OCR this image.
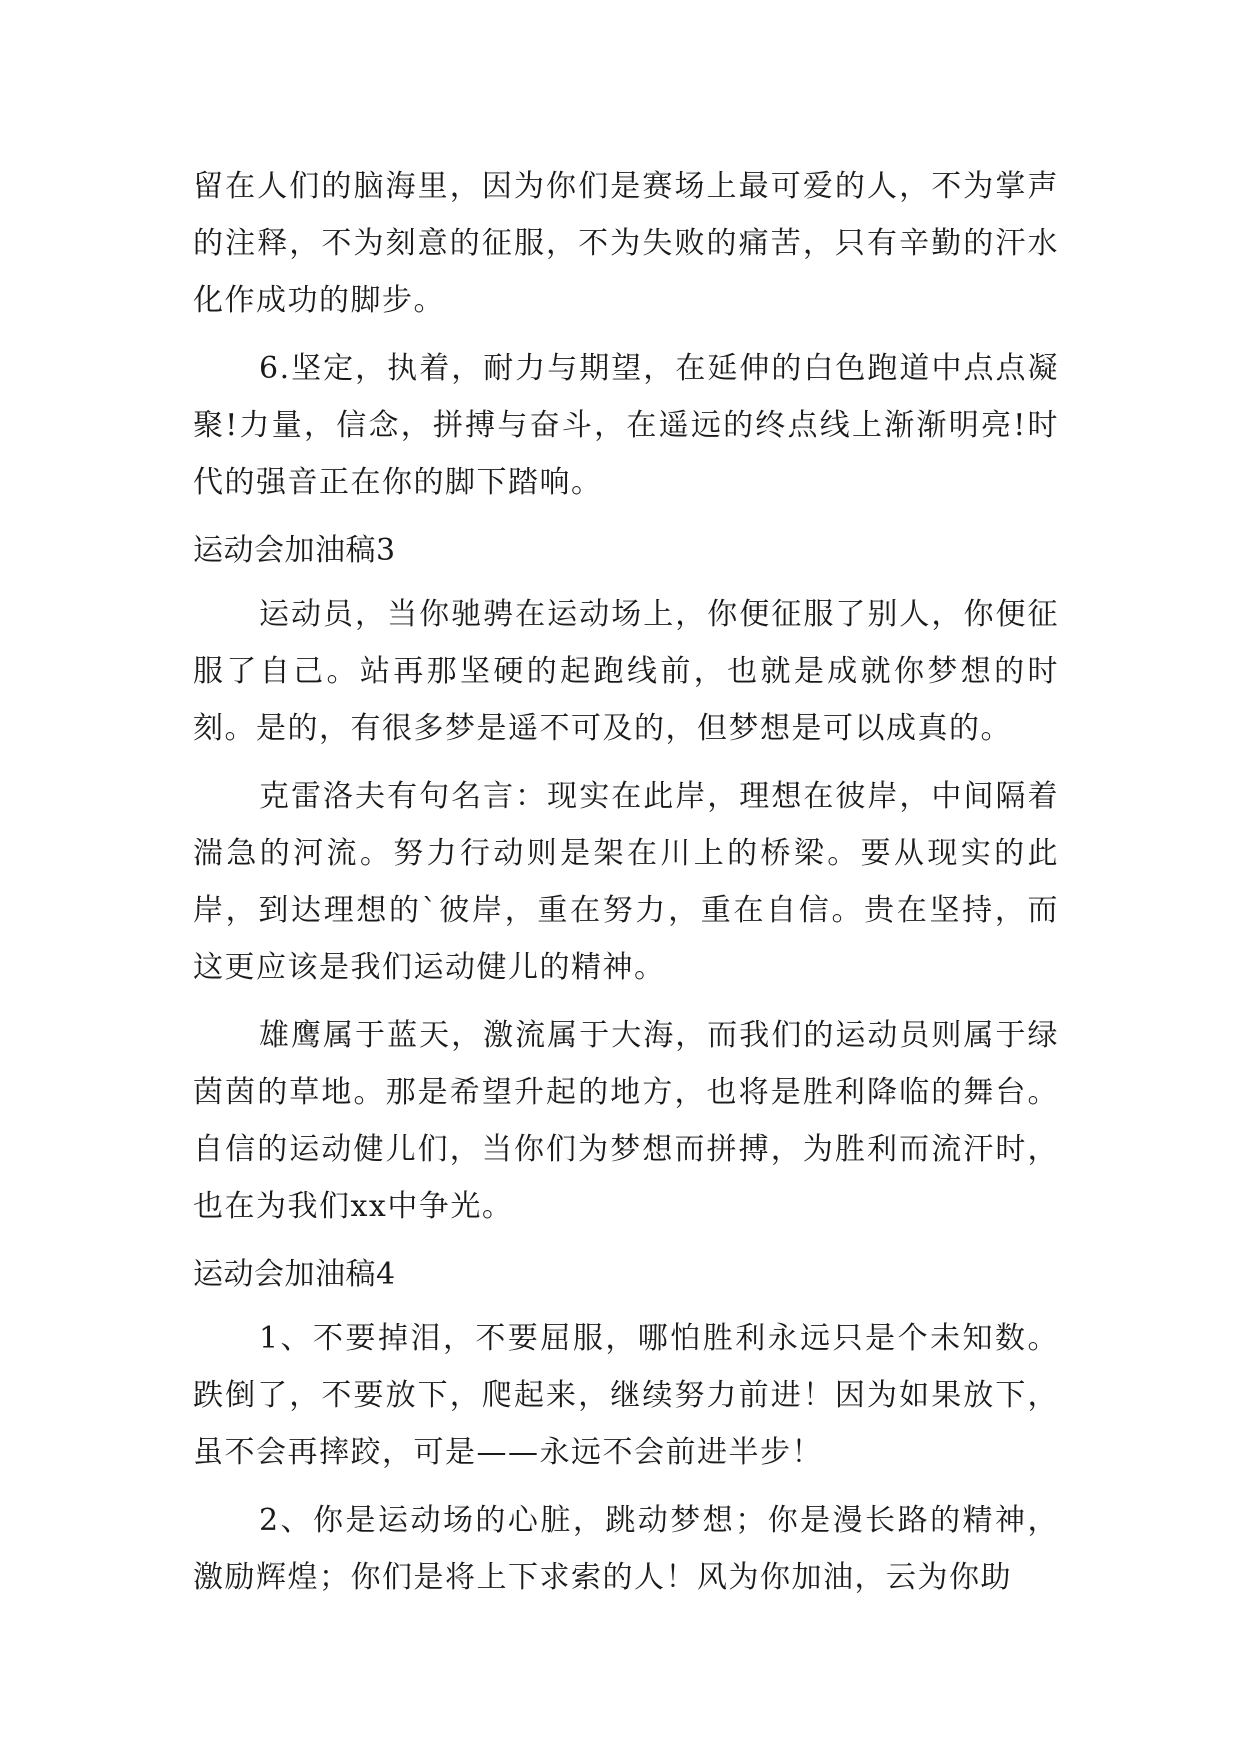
留在人们的脑海里，因为你们是赛场上最可爱的人，不为掌声的注释，不为刻意的征服，不为失败的痛苦，只有辛勤的汗水化作成功的脚步。

6.坚定，执着，耐力与期望，在延伸的白色跑道中点点凝聚!力量，信念，拼搏与奋斗，在遥远的终点线上渐渐明亮!时代的强音正在你的脚下踏响。

运动会加油稿3

运动员，当你驰骋在运动场上，你便征服了别人，你便征服了自己。站再那坚硬的起跑线前，也就是成就你梦想的时刻。是的，有很多梦是遥不可及的，但梦想是可以成真的。

克雷洛夫有句名言：现实在此岸，理想在彼岸，中间隔着湍急的河流。努力行动则是架在川上的桥梁。要从现实的此岸，到达理想的`彼岸，重在努力，重在自信。贵在坚持，而这更应该是我们运动健儿的精神。

雄鹰属于蓝天，激流属于大海，而我们的运动员则属于绿茵茵的草地。那是希望升起的地方，也将是胜利降临的舞台。自信的运动健儿们，当你们为梦想而拼搏，为胜利而流汗时，也在为我们xx中争光。

运动会加油稿4

1、不要掉泪，不要屈服，哪怕胜利永远只是个未知数。跌倒了，不要放下，爬起来，继续努力前进！因为如果放下，虽不会再摔跤，可是——永远不会前进半步！

2、你是运动场的心脏，跳动梦想；你是漫长路的精神，激励辉煌；你们是将上下求索的人！风为你加油，云为你助
